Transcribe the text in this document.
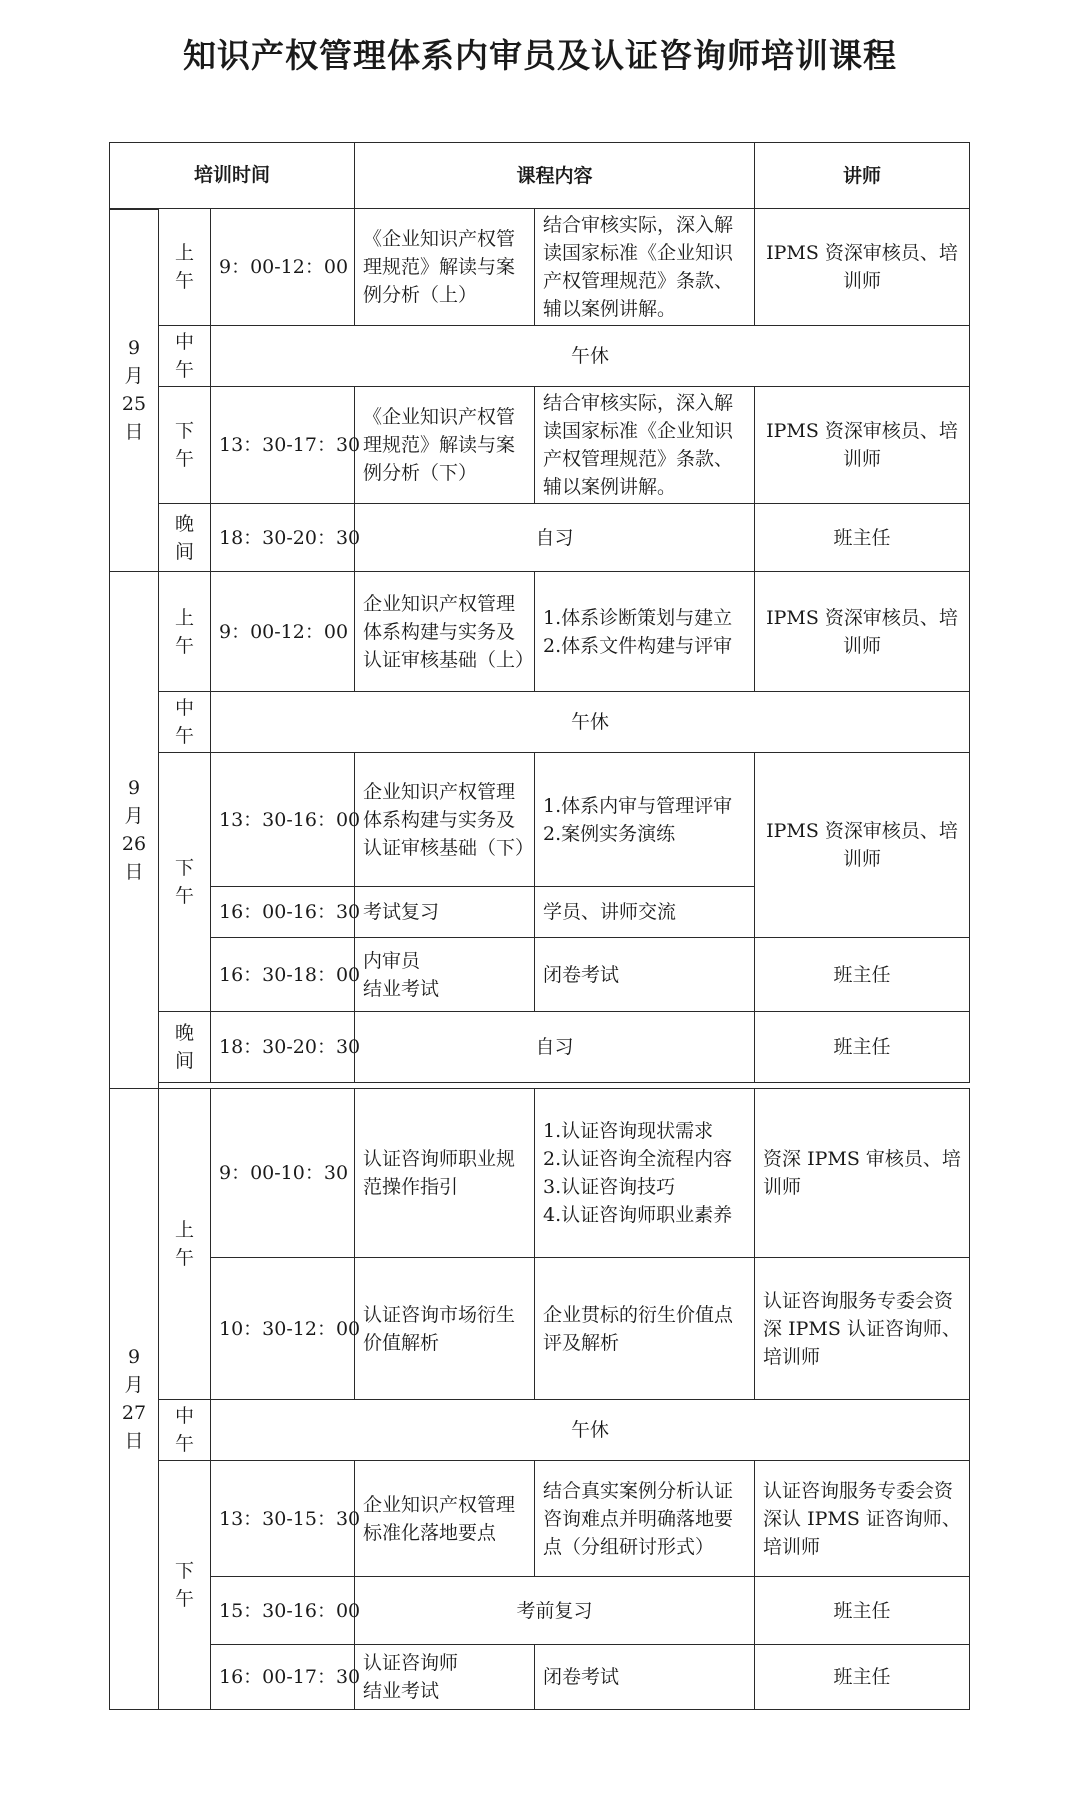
知识产权管理体系内审员及认证咨询师培训课程
培训时间			课程内容		讲师

9
月
25
日	上
午	9：00-12：00	《企业知识产权管理规范》解读与案例分析（上）	结合审核实际，深入解读国家标准《企业知识产权管理规范》条款、辅以案例讲解。	IPMS 资深审核员、培训师

	中
午	午休			

	下
午	13：30-17：30	《企业知识产权管理规范》解读与案例分析（下）	结合审核实际，深入解读国家标准《企业知识产权管理规范》条款、辅以案例讲解。	IPMS 资深审核员、培训师

	晚
间	18：30-20：30	自习		班主任

9
月
26
日	上
午	9：00-12：00	企业知识产权管理体系构建与实务及认证审核基础（上）	1.体系诊断策划与建立
2.体系文件构建与评审	IPMS 资深审核员、培训师

	中
午	午休			

	下
午	13：30-16：00	企业知识产权管理体系构建与实务及认证审核基础（下）	1.体系内审与管理评审
2.案例实务演练	IPMS 资深审核员、培训师
		16：00-16：30	考试复习	学员、讲师交流	
		16：30-18：00	内审员
结业考试	闭卷考试	班主任

	晚
间	18：30-20：30	自习		班主任

9
月
27
日	上
午	9：00-10：30	认证咨询师职业规范操作指引	1.认证咨询现状需求
2.认证咨询全流程内容
3.认证咨询技巧
4.认证咨询师职业素养	资深 IPMS 审核员、培训师
		10：30-12：00	认证咨询市场衍生价值解析	企业贯标的衍生价值点评及解析	认证咨询服务专委会资深 IPMS 认证咨询师、培训师

	中
午	午休			

	下
午	13：30-15：30	企业知识产权管理标准化落地要点	结合真实案例分析认证咨询难点并明确落地要点（分组研讨形式）	认证咨询服务专委会资深认 IPMS 证咨询师、培训师
		15：30-16：00	考前复习		班主任
		16：00-17：30	认证咨询师
结业考试	闭卷考试	班主任
